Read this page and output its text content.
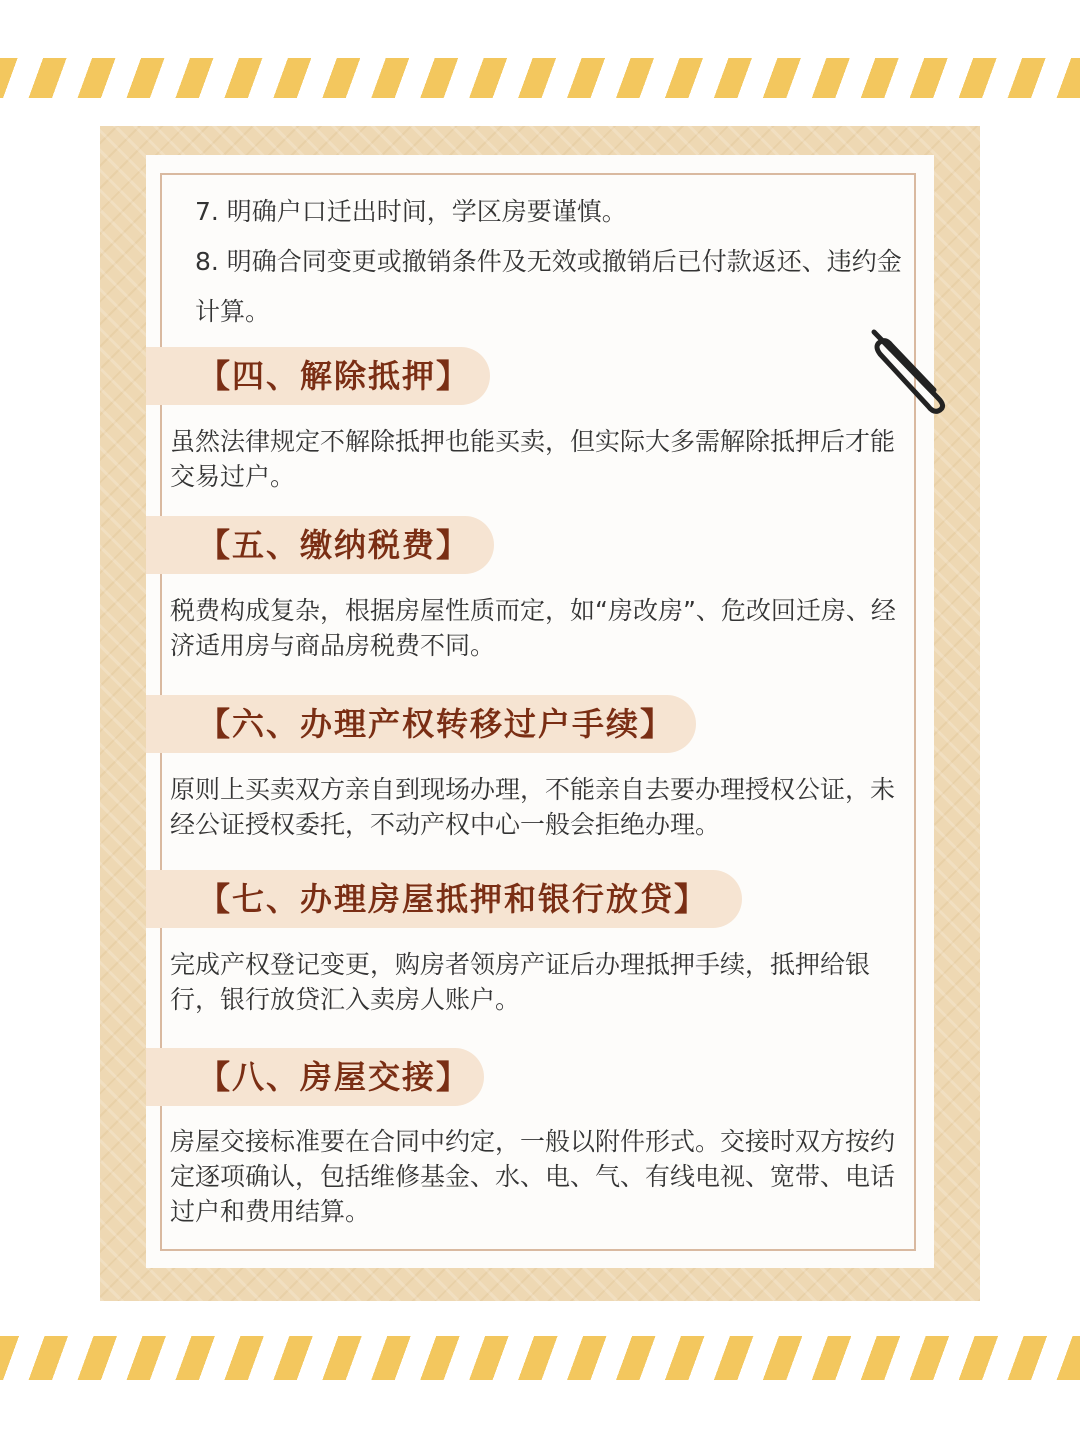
7. 明确户口迁出时间，学区房要谨慎。

8. 明确合同变更或撤销条件及无效或撤销后已付款返还、违约金计算。

【四、解除抵押】

虽然法律规定不解除抵押也能买卖，但实际大多需解除抵押后才能交易过户。

【五、缴纳税费】

税费构成复杂，根据房屋性质而定，如“房改房”、危改回迁房、经济适用房与商品房税费不同。

【六、办理产权转移过户手续】

原则上买卖双方亲自到现场办理，不能亲自去要办理授权公证，未经公证授权委托，不动产权中心一般会拒绝办理。

【七、办理房屋抵押和银行放贷】

完成产权登记变更，购房者领房产证后办理抵押手续，抵押给银行，银行放贷汇入卖房人账户。

【八、房屋交接】

房屋交接标准要在合同中约定，一般以附件形式。交接时双方按约定逐项确认，包括维修基金、水、电、气、有线电视、宽带、电话过户和费用结算。
